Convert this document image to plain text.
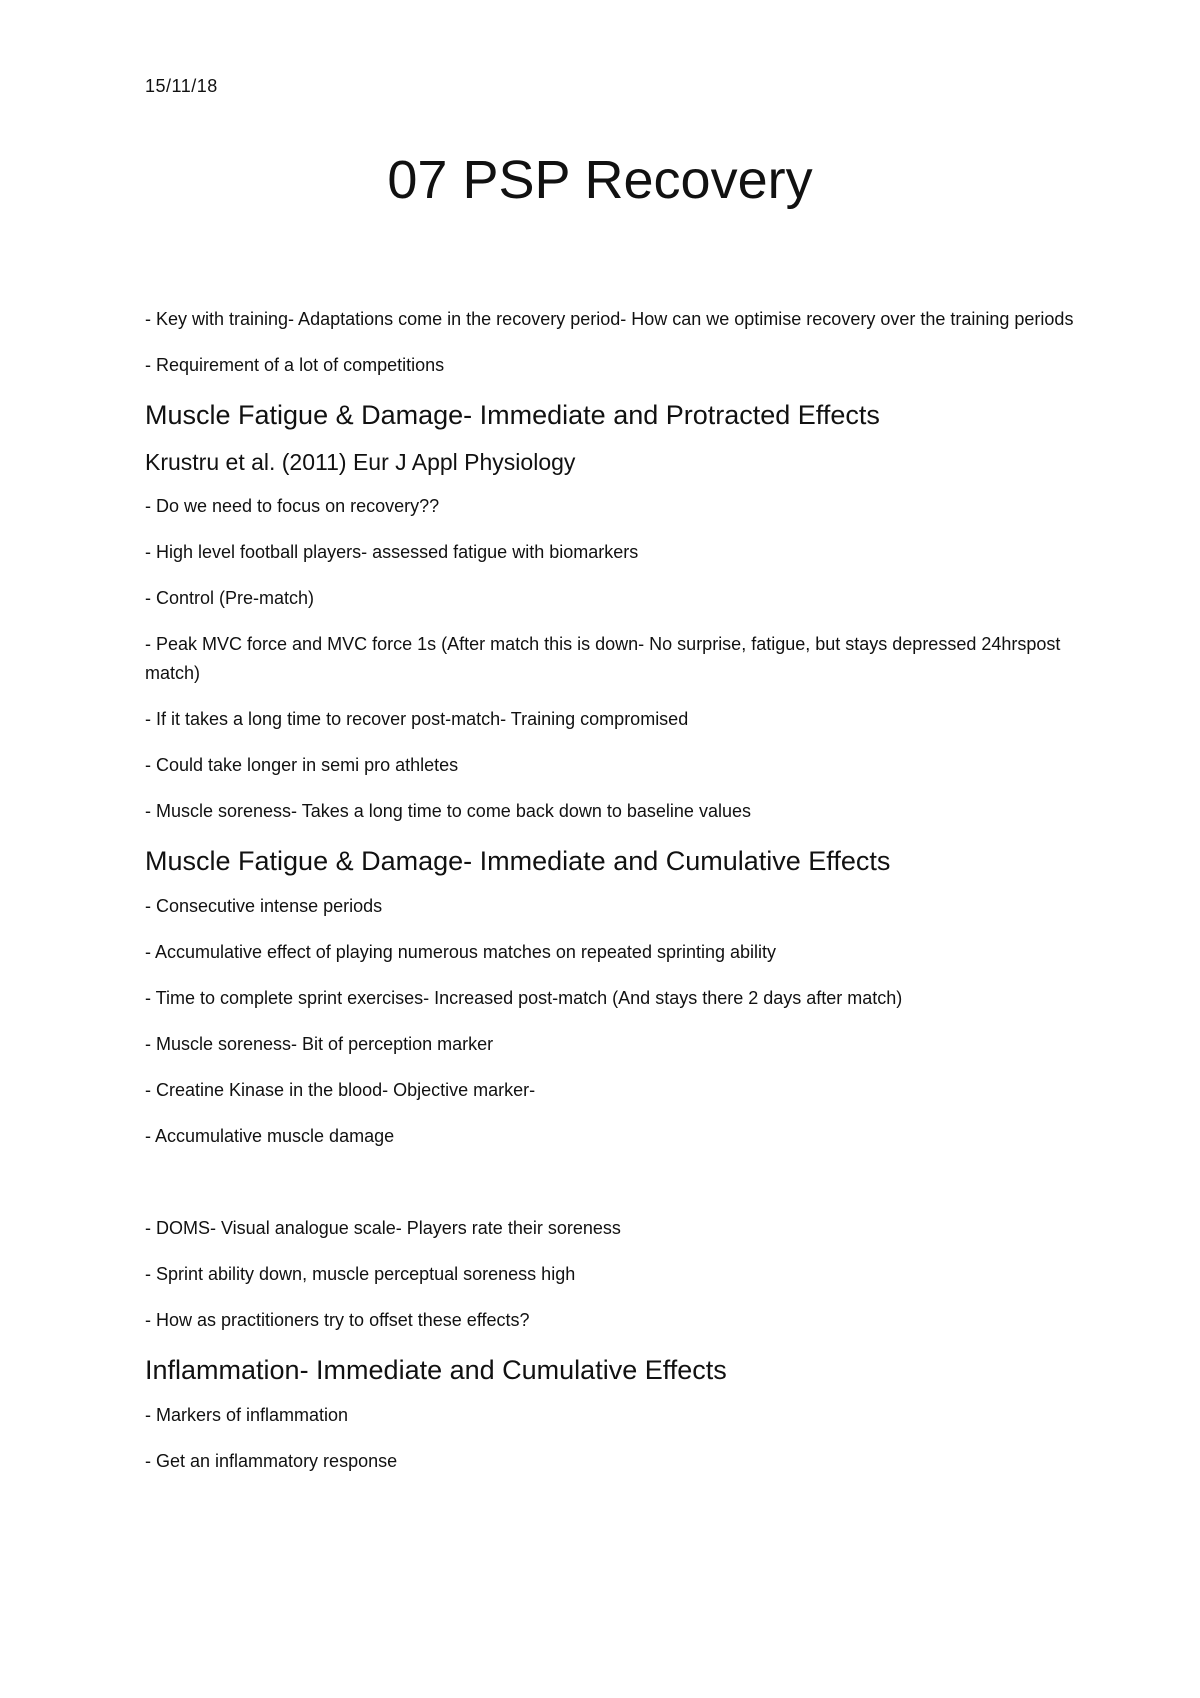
15/11/18
07 PSP Recovery

- Key with training- Adaptations come in the recovery period- How can we optimise recovery over the training periods

- Requirement of a lot of competitions

Muscle Fatigue & Damage- Immediate and Protracted Effects
Krustru et al. (2011) Eur J Appl Physiology

- Do we need to focus on recovery??

- High level football players- assessed fatigue with biomarkers

- Control (Pre-match)

- Peak MVC force and MVC force 1s (After match this is down- No surprise, fatigue, but stays depressed 24hrspost match)

- If it takes a long time to recover post-match- Training compromised

- Could take longer in semi pro athletes

- Muscle soreness- Takes a long time to come back down to baseline values

Muscle Fatigue & Damage- Immediate and Cumulative Effects

- Consecutive intense periods

- Accumulative effect of playing numerous matches on repeated sprinting ability

- Time to complete sprint exercises- Increased post-match (And stays there 2 days after match)

- Muscle soreness- Bit of perception marker

- Creatine Kinase in the blood- Objective marker-

- Accumulative muscle damage

- DOMS- Visual analogue scale- Players rate their soreness

- Sprint ability down, muscle perceptual soreness high

- How as practitioners try to offset these effects?

Inflammation- Immediate and Cumulative Effects

- Markers of inflammation

- Get an inflammatory response
